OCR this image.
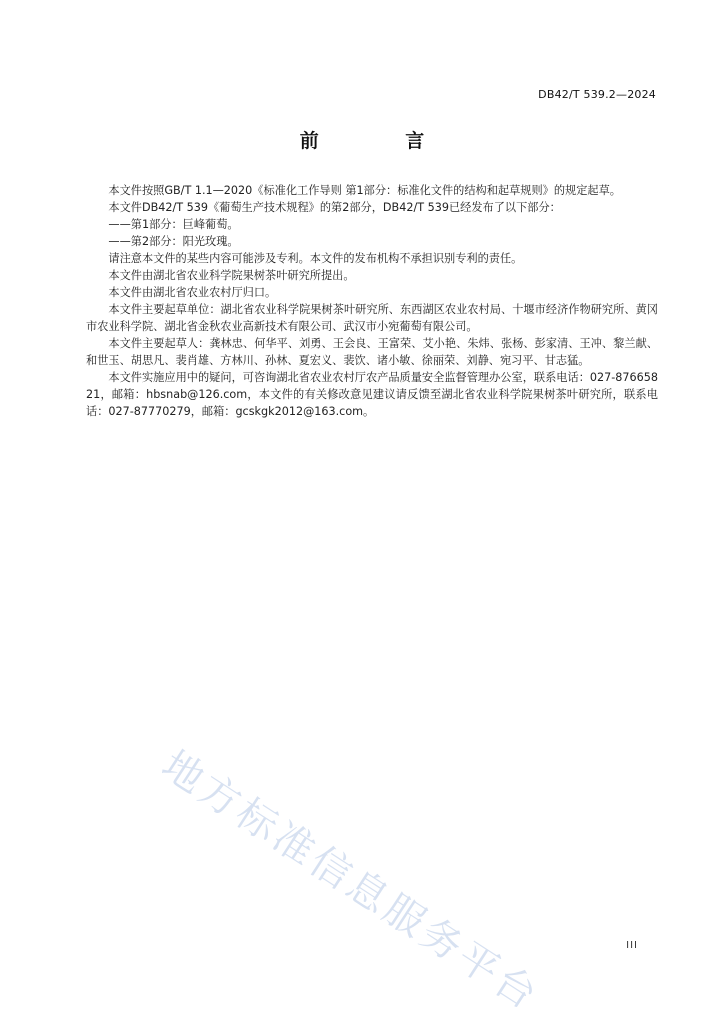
DB42/T 539.2—2024
前 言

本文件按照GB/T 1.1—2020《标准化工作导则 第1部分：标准化文件的结构和起草规则》的规定起草。

本文件DB42/T 539《葡萄生产技术规程》的第2部分，DB42/T 539已经发布了以下部分：

——第1部分：巨峰葡萄。

——第2部分：阳光玫瑰。

请注意本文件的某些内容可能涉及专利。本文件的发布机构不承担识别专利的责任。

本文件由湖北省农业科学院果树茶叶研究所提出。

本文件由湖北省农业农村厅归口。

本文件主要起草单位：湖北省农业科学院果树茶叶研究所、东西湖区农业农村局、十堰市经济作物研究所、黄冈市农业科学院、湖北省金秋农业高新技术有限公司、武汉市小宛葡萄有限公司。

本文件主要起草人：龚林忠、何华平、刘勇、王会良、王富荣、艾小艳、朱炜、张杨、彭家清、王冲、黎兰献、和世玉、胡思凡、裴肖雄、方林川、孙林、夏宏义、裴饮、诸小敏、徐丽荣、刘静、宛习平、甘志猛。

本文件实施应用中的疑问，可咨询湖北省农业农村厅农产品质量安全监督管理办公室，联系电话：027-87665821，邮箱：hbsnab@126.com，本文件的有关修改意见建议请反馈至湖北省农业科学院果树茶叶研究所，联系电话：027-87770279，邮箱：gcskgk2012@163.com。

地方标准信息服务平台	III
